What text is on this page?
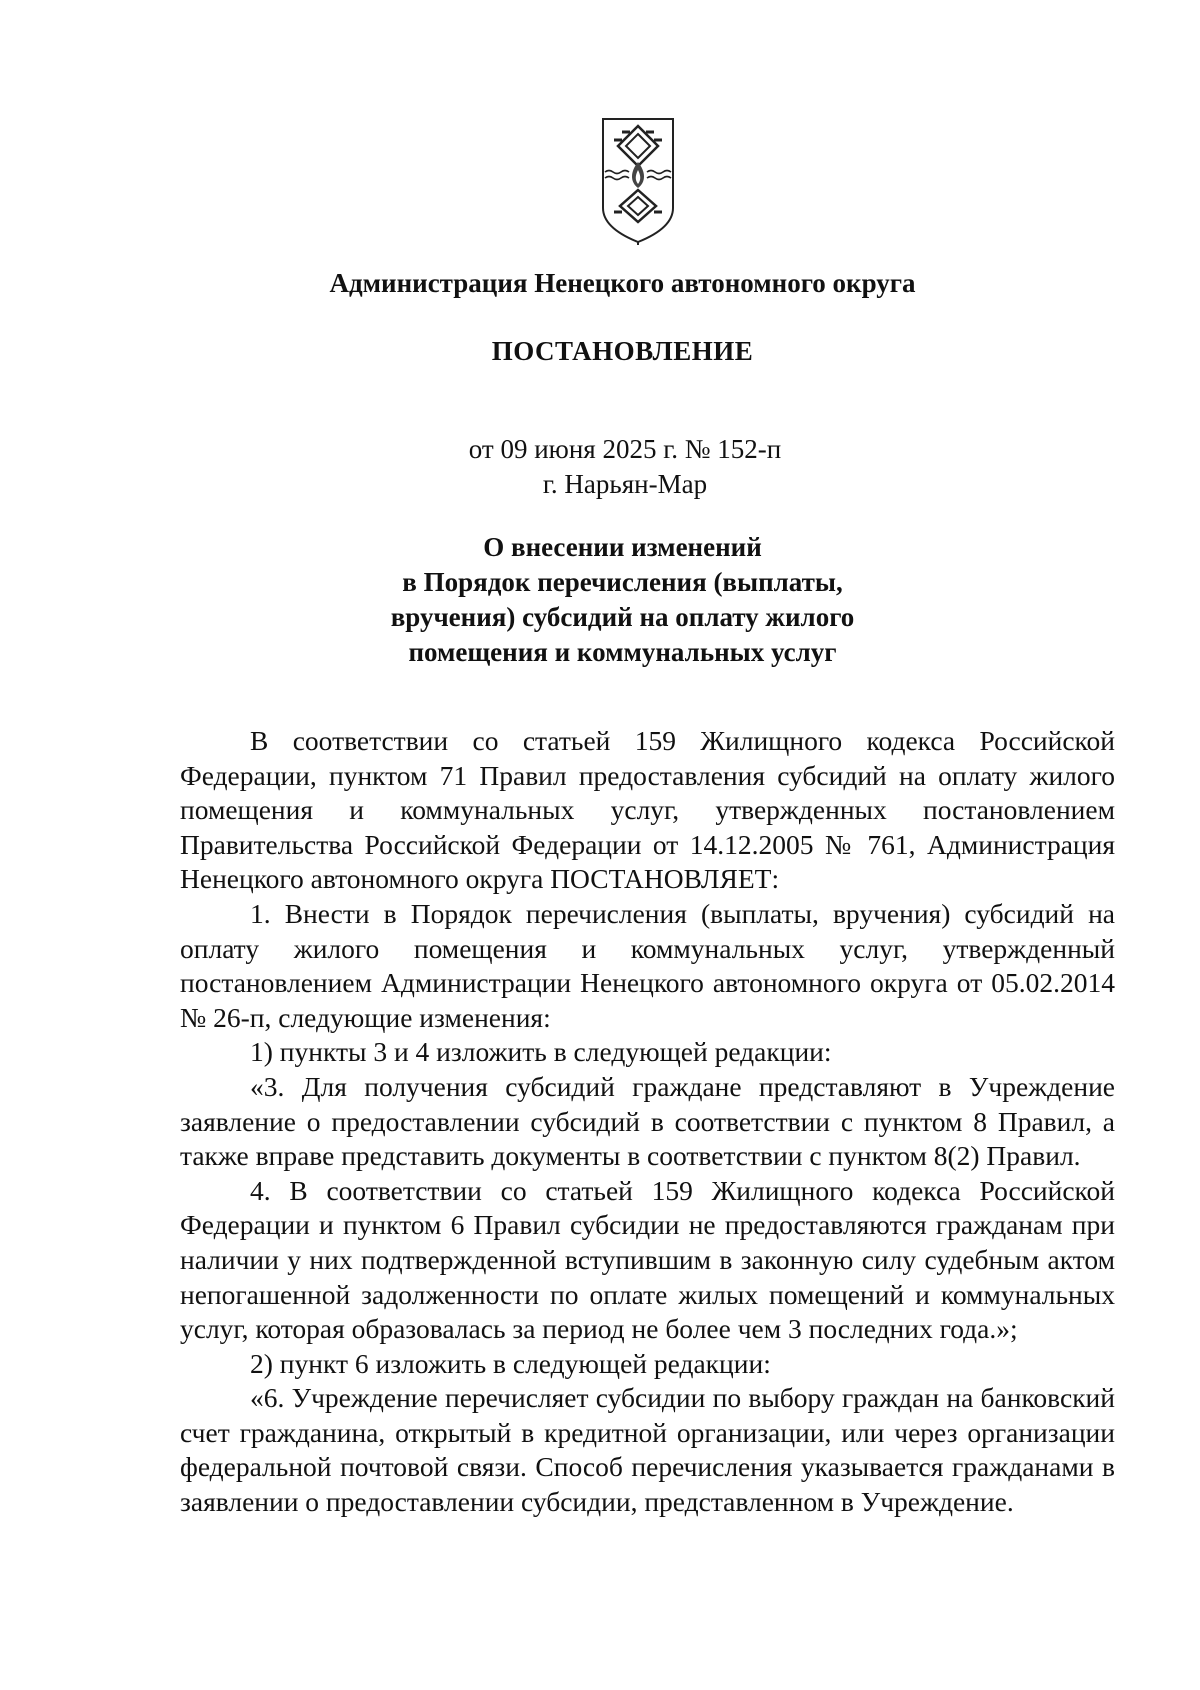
Администрация Ненецкого автономного округа
ПОСТАНОВЛЕНИЕ
от 09 июня 2025 г. № 152-п
г. Нарьян-Мар
О внесении изменений
в Порядок перечисления (выплаты,
вручения) субсидий на оплату жилого
помещения и коммунальных услуг

В соответствии со статьей 159 Жилищного кодекса Российской Федерации, пунктом 71 Правил предоставления субсидий на оплату жилого помещения и коммунальных услуг, утвержденных постановлением Правительства Российской Федерации от 14.12.2005 № 761, Администрация Ненецкого автономного округа ПОСТАНОВЛЯЕТ:

1. Внести в Порядок перечисления (выплаты, вручения) субсидий на оплату жилого помещения и коммунальных услуг, утвержденный постановлением Администрации Ненецкого автономного округа от 05.02.2014 № 26-п, следующие изменения:

1) пункты 3 и 4 изложить в следующей редакции:

«3. Для получения субсидий граждане представляют в Учреждение заявление о предоставлении субсидий в соответствии с пунктом 8 Правил, а также вправе представить документы в соответствии с пунктом 8(2) Правил.

4. В соответствии со статьей 159 Жилищного кодекса Российской Федерации и пунктом 6 Правил субсидии не предоставляются гражданам при наличии у них подтвержденной вступившим в законную силу судебным актом непогашенной задолженности по оплате жилых помещений и коммунальных услуг, которая образовалась за период не более чем 3 последних года.»;

2) пункт 6 изложить в следующей редакции:

«6. Учреждение перечисляет субсидии по выбору граждан на банковский счет гражданина, открытый в кредитной организации, или через организации федеральной почтовой связи. Способ перечисления указывается гражданами в заявлении о предоставлении субсидии, представленном в Учреждение.
